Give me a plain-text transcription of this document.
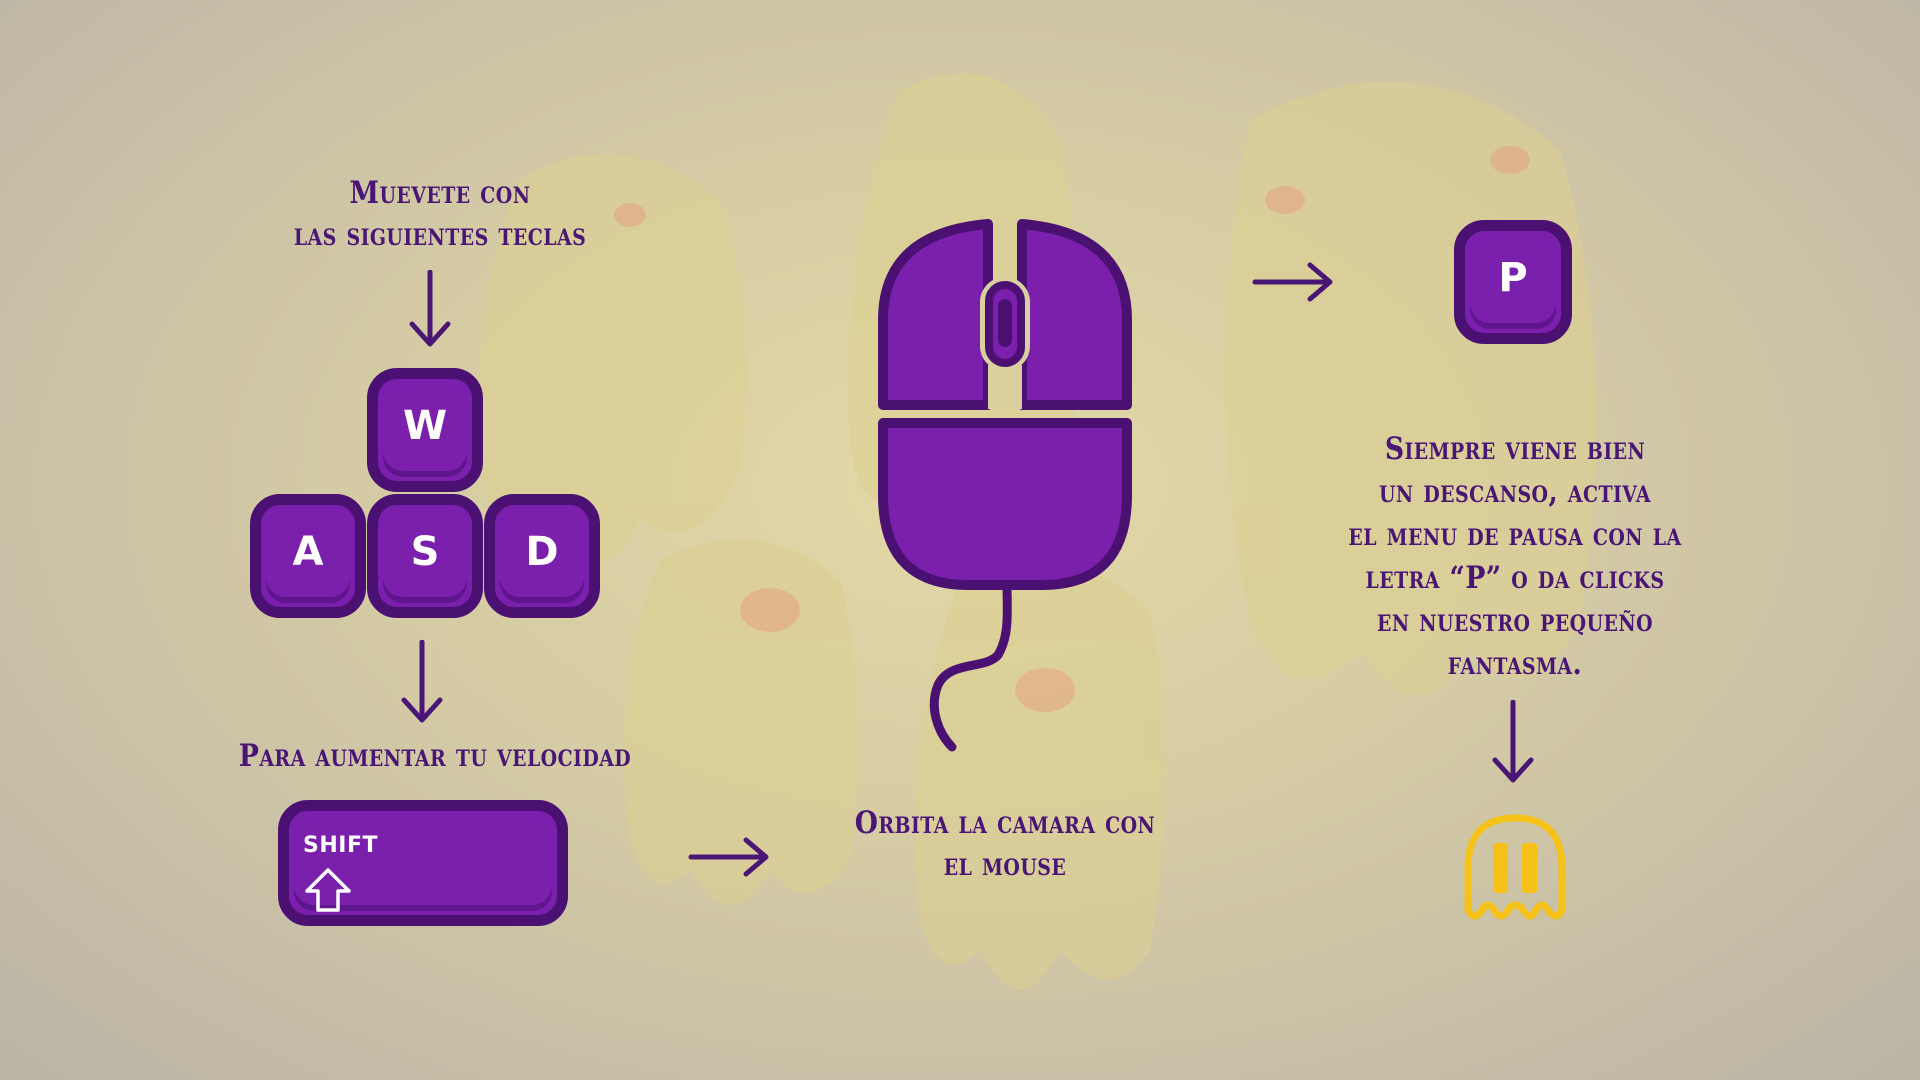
Muevete con
las siguientes teclas
W
A	S	D
Para aumentar tu velocidad
SHIFT
Orbita la camara con
el mouse
P
Siempre viene bien
un descanso, activa
el menu de pausa con la
letra “P” o da clicks
en nuestro pequeño
fantasma.
